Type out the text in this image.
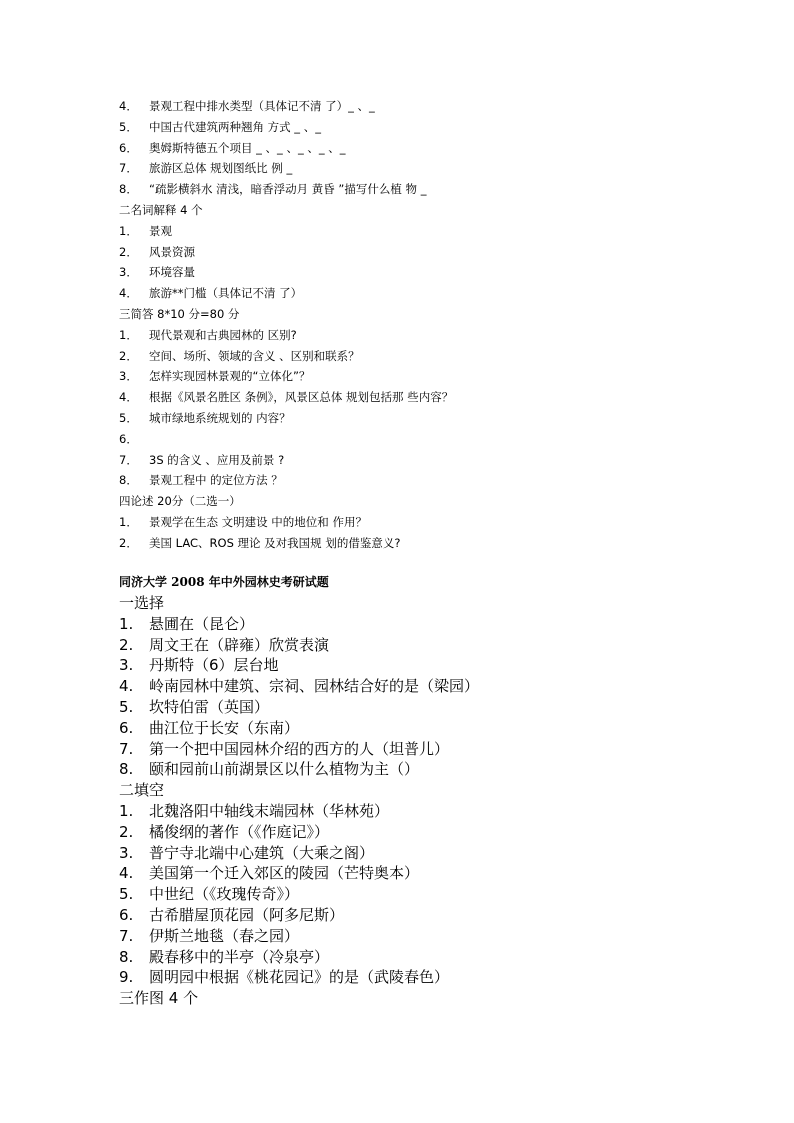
4． 景观工程中排水类型（具体记不清 了）_ 、_
5． 中国古代建筑两种翘角 方式 _ 、_
6． 奥姆斯特德五个项目 _ 、_ 、_ 、_ 、_
7． 旅游区总体 规划图纸比 例 _
8． “疏影横斜水 清浅，暗香浮动月 黄昏 ”描写什么植 物 _
二名词解释 4 个
1． 景观
2． 风景资源
3． 环境容量
4． 旅游**门槛（具体记不清 了）
三简答 8*10 分=80 分
1． 现代景观和古典园林的 区别?
2． 空间、场所、领域的含义 、区别和联系？
3． 怎样实现园林景观的“立体化”？
4． 根据《风景名胜区 条例》，风景区总体 规划包括那 些内容？
5． 城市绿地系统规划的 内容？
6．
7． 3S 的含义 、应用及前景 ?
8． 景观工程中 的定位方法 ？
四论述 20分（二选一）
1． 景观学在生态 文明建设 中的地位和 作用？
2． 美国 LAC、ROS 理论 及对我国规 划的借鉴意义?
同济大学 2008 年中外园林史考研试题
一选择
1. 悬圃在（昆仑）
2. 周文王在（辟雍）欣赏表演
3. 丹斯特（6）层台地
4. 岭南园林中建筑、宗祠、园林结合好的是（梁园）
5. 坎特伯雷（英国）
6. 曲江位于长安（东南）
7. 第一个把中国园林介绍的西方的人（坦普儿）
8. 颐和园前山前湖景区以什么植物为主（）
二填空
1. 北魏洛阳中轴线末端园林（华林苑）
2. 橘俊纲的著作（《作庭记》）
3. 普宁寺北端中心建筑（大乘之阁）
4. 美国第一个迁入郊区的陵园（芒特奥本）
5. 中世纪（《玫瑰传奇》）
6. 古希腊屋顶花园（阿多尼斯）
7. 伊斯兰地毯（春之园）
8. 殿春移中的半亭（冷泉亭）
9. 圆明园中根据《桃花园记》的是（武陵春色）
三作图 4 个
